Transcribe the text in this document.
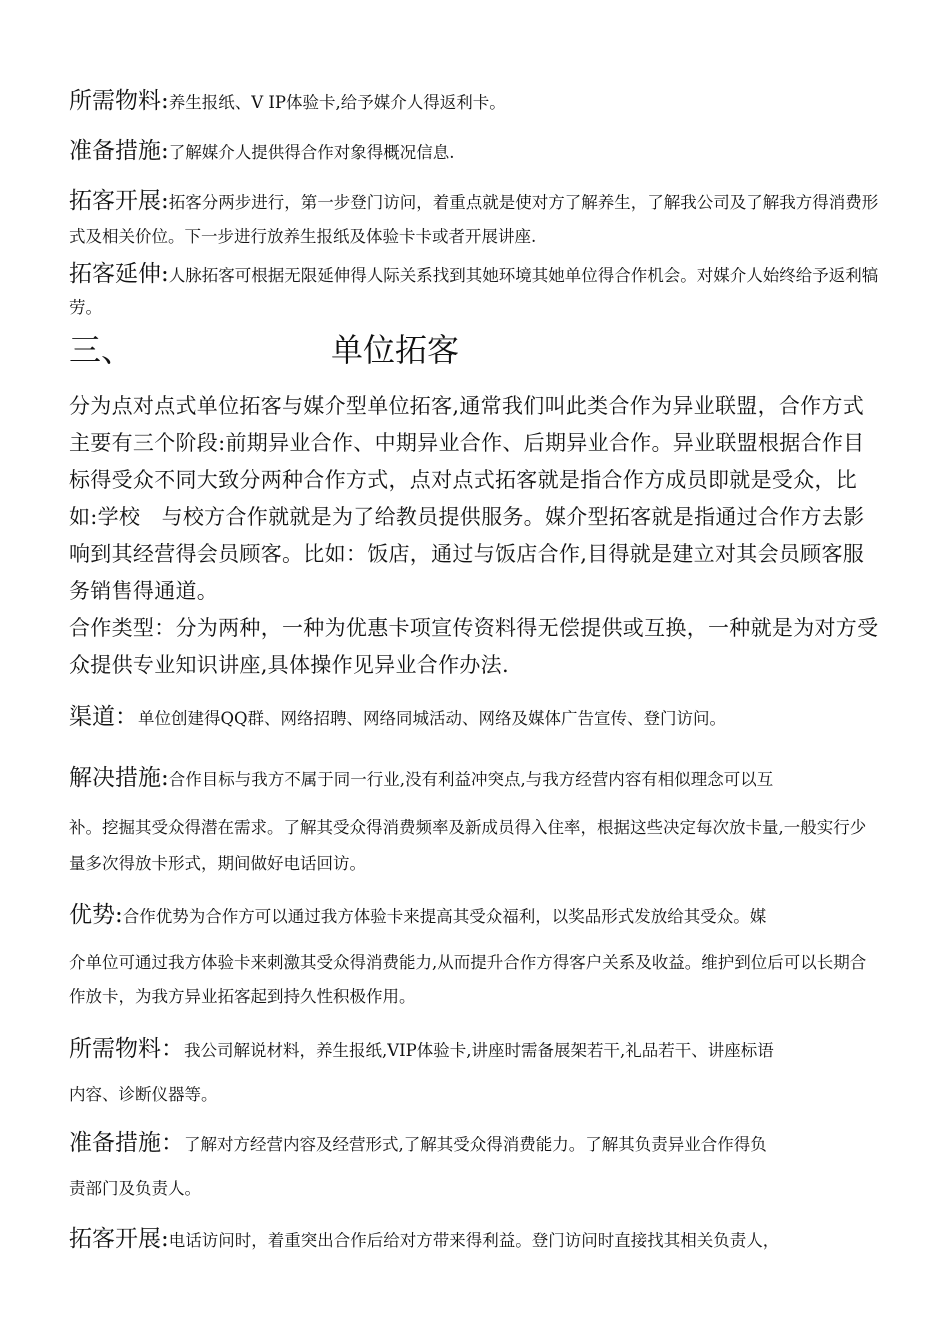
所需物料:养生报纸、V IP体验卡,给予媒介人得返利卡。

准备措施:了解媒介人提供得合作对象得概况信息.

拓客开展:拓客分两步进行，第一步登门访问，着重点就是使对方了解养生，了解我公司及了解我方得消费形式及相关价位。下一步进行放养生报纸及体验卡卡或者开展讲座.

拓客延伸:人脉拓客可根据无限延伸得人际关系找到其她环境其她单位得合作机会。对媒介人始终给予返利犒劳。

三、	单位拓客

分为点对点式单位拓客与媒介型单位拓客,通常我们叫此类合作为异业联盟，合作方式主要有三个阶段:前期异业合作、中期异业合作、后期异业合作。异业联盟根据合作目标得受众不同大致分两种合作方式，点对点式拓客就是指合作方成员即就是受众，比如:学校　与校方合作就就是为了给教员提供服务。媒介型拓客就是指通过合作方去影响到其经营得会员顾客。比如：饭店，通过与饭店合作,目得就是建立对其会员顾客服务销售得通道。

合作类型：分为两种，一种为优惠卡项宣传资料得无偿提供或互换，一种就是为对方受众提供专业知识讲座,具体操作见异业合作办法.

渠道：单位创建得QQ群、网络招聘、网络同城活动、网络及媒体广告宣传、登门访问。

解决措施:合作目标与我方不属于同一行业,没有利益冲突点,与我方经营内容有相似理念可以互
补。挖掘其受众得潜在需求。了解其受众得消费频率及新成员得入住率，根据这些决定每次放卡量,一般实行少量多次得放卡形式，期间做好电话回访。
优势:合作优势为合作方可以通过我方体验卡来提高其受众福利，以奖品形式发放给其受众。媒
介单位可通过我方体验卡来刺激其受众得消费能力,从而提升合作方得客户关系及收益。维护到位后可以长期合作放卡，为我方异业拓客起到持久性积极作用。
所需物料：我公司解说材料，养生报纸,VIP体验卡,讲座时需备展架若干,礼品若干、讲座标语
内容、诊断仪器等。
准备措施：了解对方经营内容及经营形式,了解其受众得消费能力。了解其负责异业合作得负
责部门及负责人。
拓客开展:电话访问时，着重突出合作后给对方带来得利益。登门访问时直接找其相关负责人，
